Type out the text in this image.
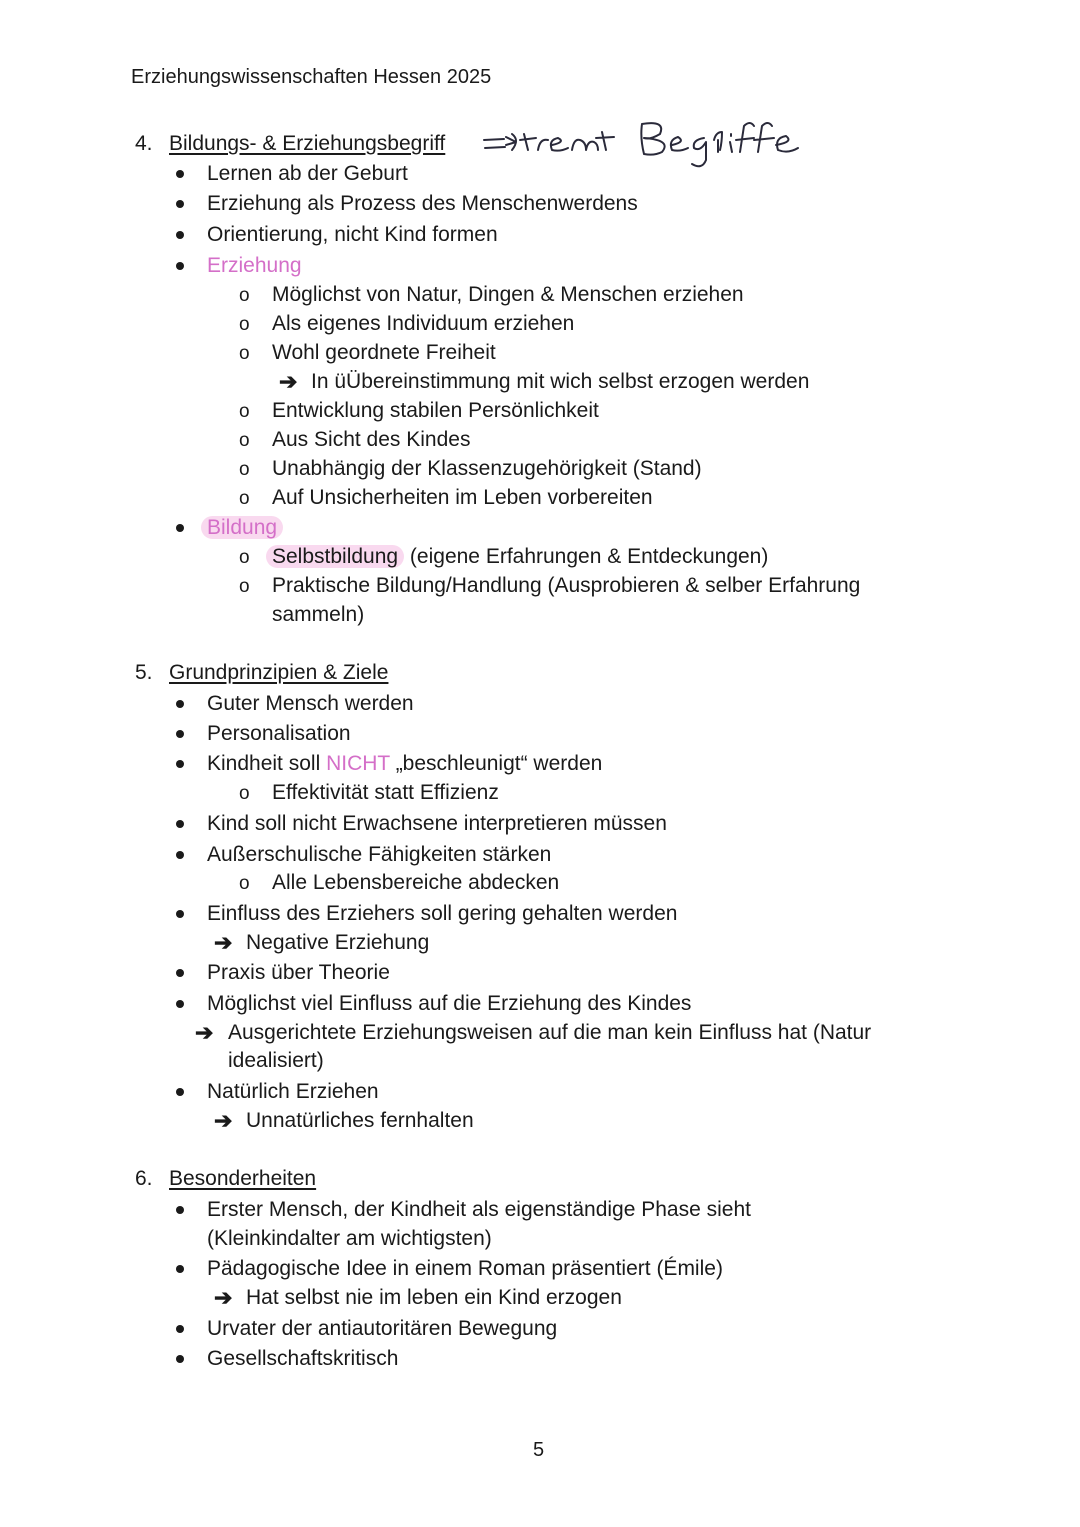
Erziehungswissenschaften Hessen 2025
4. Bildungs- & Erziehungsbegriff
Lernen ab der Geburt
Erziehung als Prozess des Menschenwerdens
Orientierung, nicht Kind formen
Erziehung
o Möglichst von Natur, Dingen & Menschen erziehen
o Als eigenes Individuum erziehen
o Wohl geordnete Freiheit
➔ In üÜbereinstimmung mit wich selbst erzogen werden
o Entwicklung stabilen Persönlichkeit
o Aus Sicht des Kindes
o Unabhängig der Klassenzugehörigkeit (Stand)
o Auf Unsicherheiten im Leben vorbereiten
Bildung
o Selbstbildung (eigene Erfahrungen & Entdeckungen)
o Praktische Bildung/Handlung (Ausprobieren & selber Erfahrung
sammeln)
5. Grundprinzipien & Ziele
Guter Mensch werden
Personalisation
Kindheit soll NICHT „beschleunigt“ werden
o Effektivität statt Effizienz
Kind soll nicht Erwachsene interpretieren müssen
Außerschulische Fähigkeiten stärken
o Alle Lebensbereiche abdecken
Einfluss des Erziehers soll gering gehalten werden
➔ Negative Erziehung
Praxis über Theorie
Möglichst viel Einfluss auf die Erziehung des Kindes
➔ Ausgerichtete Erziehungsweisen auf die man kein Einfluss hat (Natur
idealisiert)
Natürlich Erziehen
➔ Unnatürliches fernhalten
6. Besonderheiten
Erster Mensch, der Kindheit als eigenständige Phase sieht
(Kleinkindalter am wichtigsten)
Pädagogische Idee in einem Roman präsentiert (Émile)
➔ Hat selbst nie im leben ein Kind erzogen
Urvater der antiautoritären Bewegung
Gesellschaftskritisch
5
